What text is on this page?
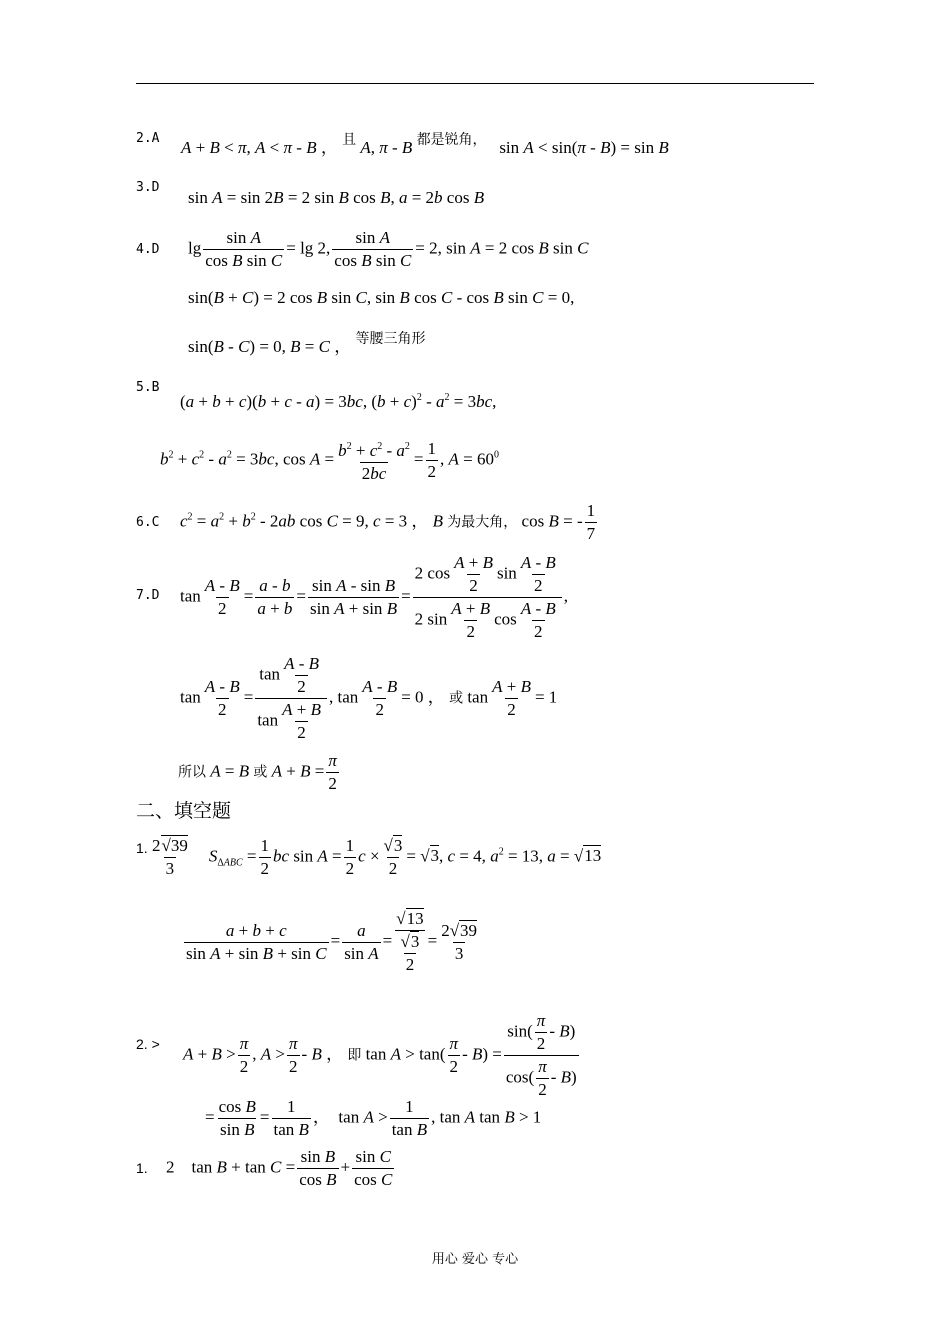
2.A A + B < π, A < π - B ， $^且$ A, π - B $^{都是锐角,}$   sin A < sin(π - B) = sin B
3.D
sin A = sin 2B = 2 sin B cos B, a = 2b cos B
4.D $\lg \frac{\text{sin A}}{\text{cos B sin C}} = \lg 2$, $\frac{\text{sin A}}{\text{cos B sin C}} = 2$, sin A = 2 cos B sin C
sin(B + C) = 2 cos B sin C, sin B cos C - cos B sin C = 0,
sin(B - C) = 0, B = C ， $^{等腰三角形}$
5.B
(a + b + c)(b + c - a) = 3bc, $(b + c)^2 - a^2 = 3bc$,
$b^2 + c^2 - a^2 = 3bc$, $\cos A = \frac{b^2 + c^2 - a^2}{2bc} = \frac{1}{2}$ , $A = 60^0$
6.C $c^2 = a^2 + b^2 - 2ab$ cos C = 9, c = 3 ， B 为最大角， cos B = - $\frac{1}{7}$
7.D $\tan \frac{A - B}{2} = \frac{a - b}{a + b} = \frac{\text{sin A - sin B}}{\text{sin A + sin B}} = \frac{2 \cos \frac{A + B}{2} \sin \frac{A - B}{2}}{2 \sin \frac{A + B}{2} \cos \frac{A - B}{2}}$ ,
$\tan \frac{A - B}{2} = \frac{\tan \frac{A - B}{2}}{\tan \frac{A + B}{2}}$ , $\tan \frac{A - B}{2} = 0$ ， 或 $\tan \frac{A + B}{2} = 1$
所以 A = B 或 $A + B = \frac{\pi}{2}$
二、填空题
1. $\frac{2√39}{3} S_{\Delta ABC} = \frac{1}{2}$ bc $\sin A = \frac{1}{2}$ $c \times \frac{√3}{2} = √3$, c = 4, $a^2 = 13$, a = √13
$\frac{a + b + c}{\text{sin A + sin B + sin C}} = \frac{a}{\text{sin A}} = \frac{√13}{\frac{√3}{2}} = \frac{2√39}{3}$
2. >
$A + B > \frac{\pi}{2}$ , $A > \frac{\pi}{2} - B$ ， 即 $\tan A > \tan( \frac{\pi}{2} - B) = \frac{\sin( \frac{\pi}{2} - B)}{\cos( \frac{\pi}{2} - B)}$
= $\frac{\text{cos B}}{\text{sin B}} = \frac{1}{\text{tan B}}$ ，  $\tan A > \frac{1}{\text{tan B}}$ , tan A tan B > 1
1. 2    $\tan B + \tan C = \frac{\text{sin B}}{\text{cos B}} + \frac{\text{sin C}}{\text{cos C}}$
用心 爱心 专心
